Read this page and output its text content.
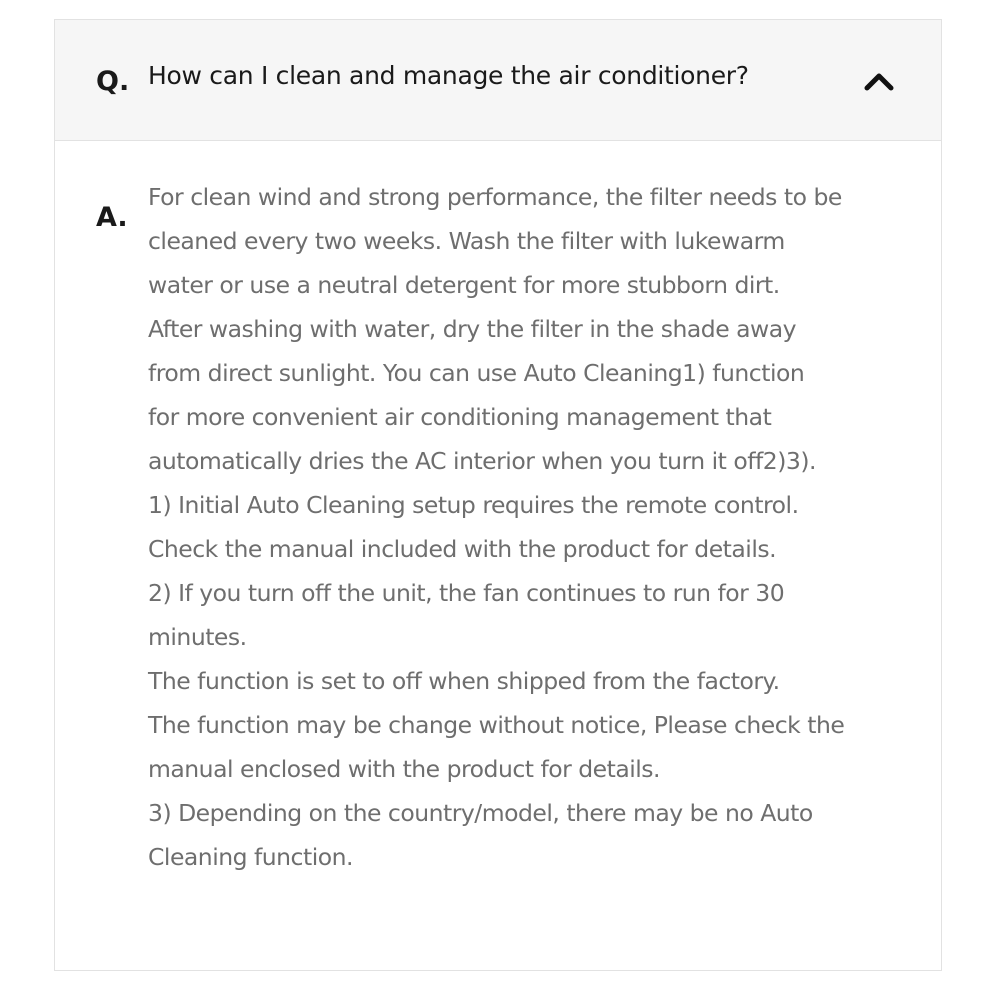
Q. How can I clean and manage the air conditioner?
A.
For clean wind and strong performance, the filter needs to be
cleaned every two weeks. Wash the filter with lukewarm
water or use a neutral detergent for more stubborn dirt.
After washing with water, dry the filter in the shade away
from direct sunlight. You can use Auto Cleaning1) function
for more convenient air conditioning management that
automatically dries the AC interior when you turn it off2)3).
1) Initial Auto Cleaning setup requires the remote control.
Check the manual included with the product for details.
2) If you turn off the unit, the fan continues to run for 30
minutes.
The function is set to off when shipped from the factory.
The function may be change without notice, Please check the
manual enclosed with the product for details.
3) Depending on the country/model, there may be no Auto
Cleaning function.
